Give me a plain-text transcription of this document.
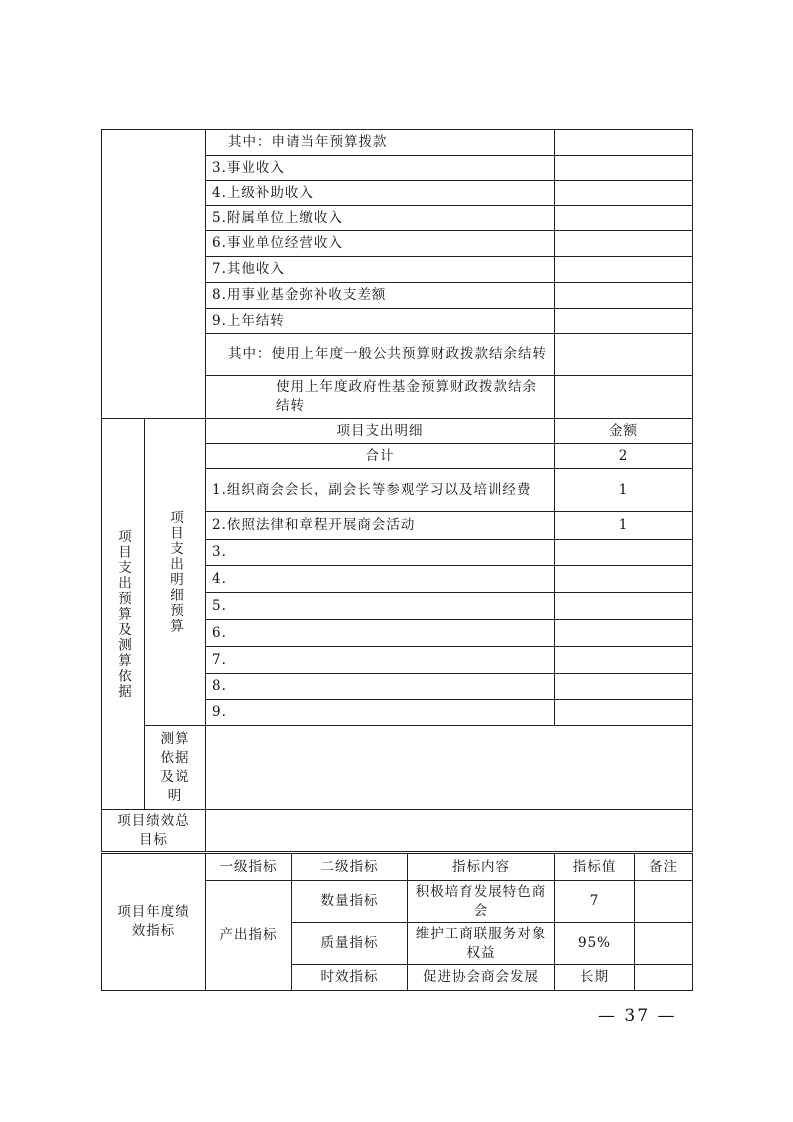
		其中：申请当年预算拨款	
		3.事业收入	
		4.上级补助收入	
		5.附属单位上缴收入	
		6.事业单位经营收入	
		7.其他收入	
		8.用事业基金弥补收支差额	
		9.上年结转	
		其中：使用上年度一般公共预算财政拨款结余结转	

		使用上年度政府性基金预算财政拨款结余结转	

项目支出预算及测算依据	项目支出明细预算	项目支出明细	金额
		合计	2
		1.组织商会会长，副会长等参观学习以及培训经费	1
		2.依照法律和章程开展商会活动	1
		3.	
		4.	
		5.	
		6.	
		7.	
		8.	
		9.	

	测算依据及说明		

项目绩效总目标			

项目年度绩效指标	一级指标	二级指标	指标内容	指标值	备注
	产出指标	数量指标	积极培育发展特色商会	7	
		质量指标	维护工商联服务对象权益	95%	
		时效指标	促进协会商会发展	长期	
— 37 —
